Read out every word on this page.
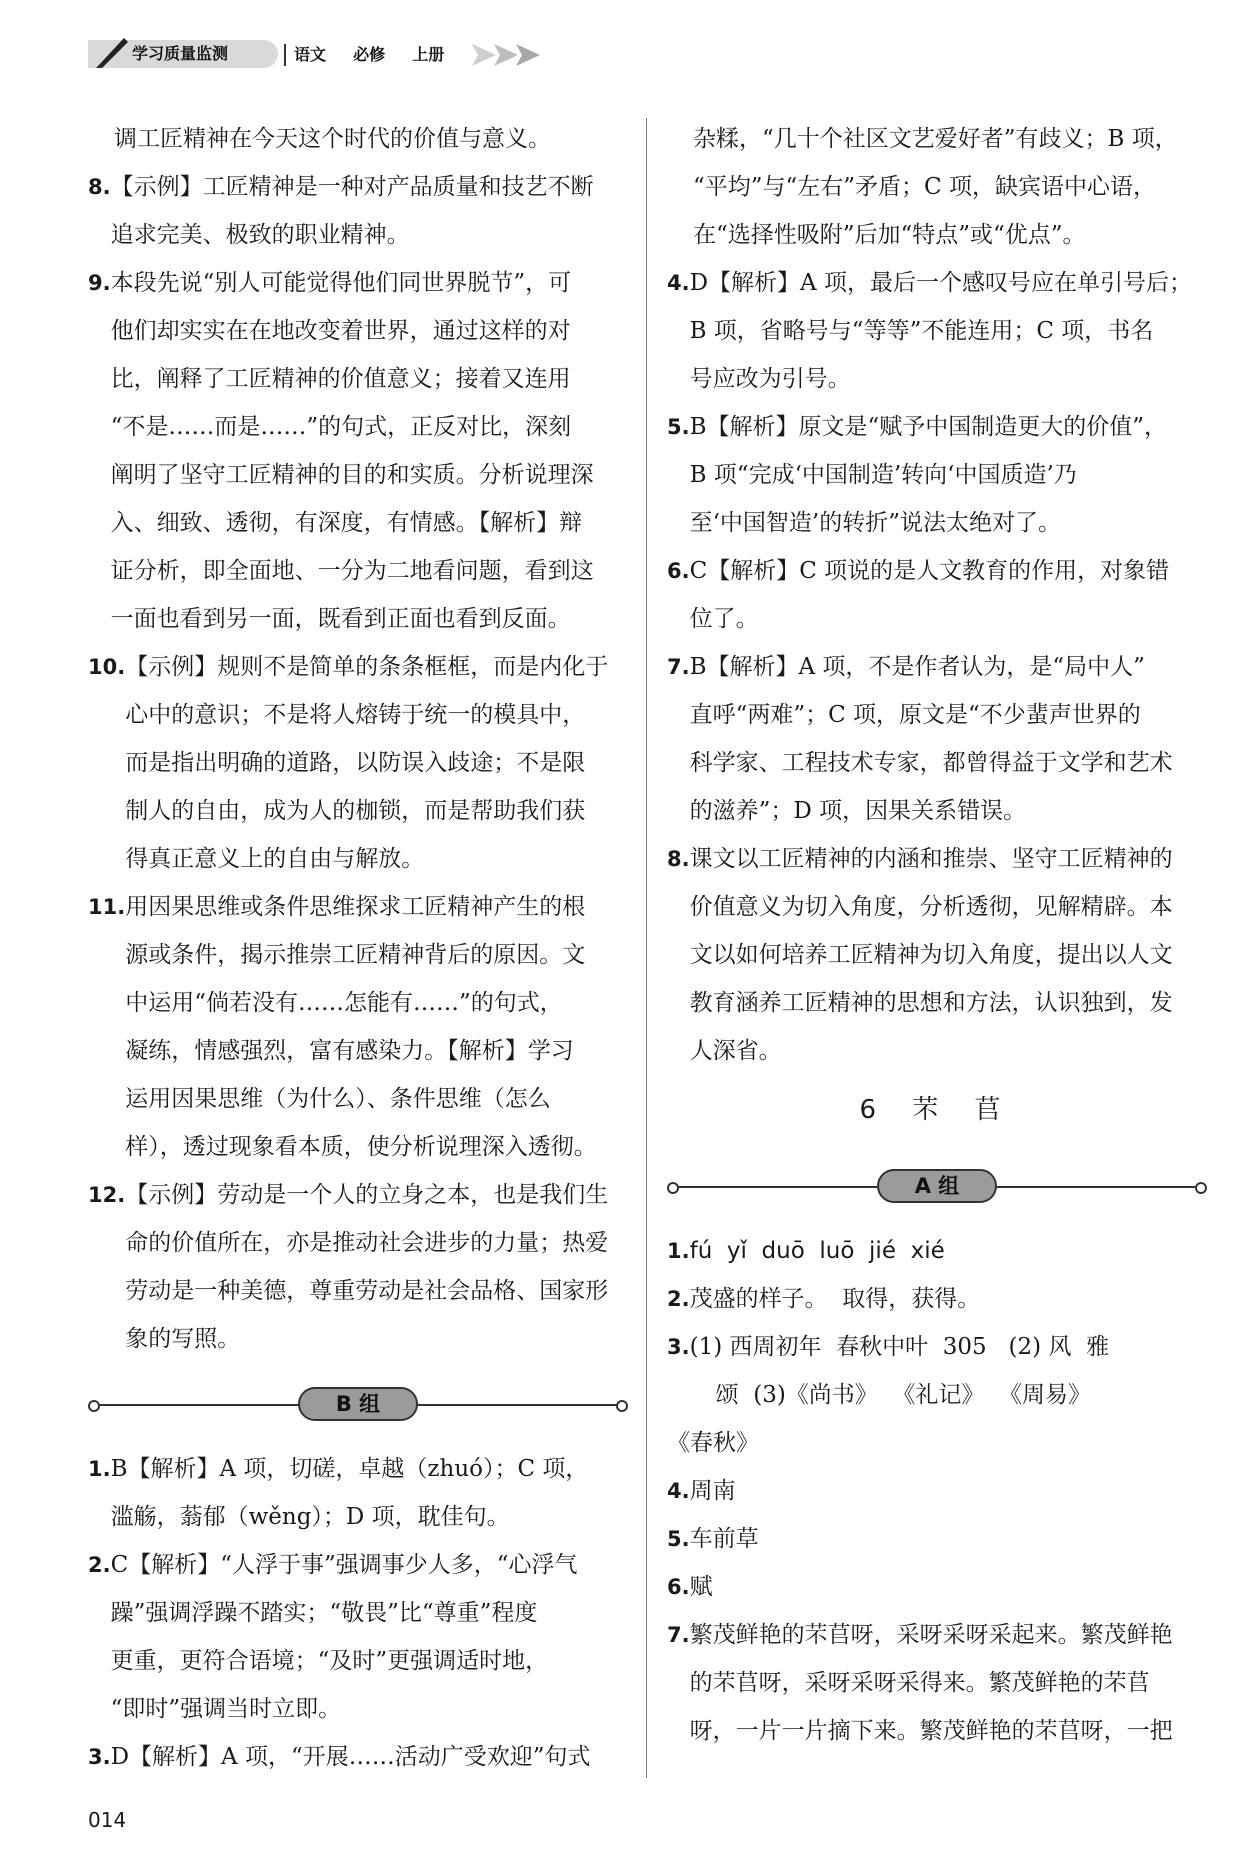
学习质量监测	语文  必修  上册
调工匠精神在今天这个时代的价值与意义。
8. 【示例】工匠精神是一种对产品质量和技艺不断
追求完美、极致的职业精神。
9. 本段先说“别人可能觉得他们同世界脱节”，可
他们却实实在在地改变着世界，通过这样的对
比，阐释了工匠精神的价值意义；接着又连用
“不是……而是……”的句式，正反对比，深刻
阐明了坚守工匠精神的目的和实质。分析说理深
入、细致、透彻，有深度，有情感。【解析】辩
证分析，即全面地、一分为二地看问题，看到这
一面也看到另一面，既看到正面也看到反面。
10. 【示例】规则不是简单的条条框框，而是内化于
心中的意识；不是将人熔铸于统一的模具中，
而是指出明确的道路，以防误入歧途；不是限
制人的自由，成为人的枷锁，而是帮助我们获
得真正意义上的自由与解放。
11. 用因果思维或条件思维探求工匠精神产生的根
源或条件，揭示推崇工匠精神背后的原因。文
中运用“倘若没有……怎能有……”的句式，
凝练，情感强烈，富有感染力。【解析】学习
运用因果思维（为什么）、条件思维（怎么
样），透过现象看本质，使分析说理深入透彻。
12. 【示例】劳动是一个人的立身之本，也是我们生
命的价值所在，亦是推动社会进步的力量；热爱
劳动是一种美德，尊重劳动是社会品格、国家形
象的写照。
B 组
1. B【解析】A 项，切磋，卓越（zhuó）；C 项，
滥觞，蓊郁（wěng）；D 项，耽佳句。
2. C【解析】“人浮于事”强调事少人多，“心浮气
躁”强调浮躁不踏实；“敬畏”比“尊重”程度
更重，更符合语境；“及时”更强调适时地，
“即时”强调当时立即。
3. D【解析】A 项，“开展……活动广受欢迎”句式
杂糅，“几十个社区文艺爱好者”有歧义；B 项，
“平均”与“左右”矛盾；C 项，缺宾语中心语，
在“选择性吸附”后加“特点”或“优点”。
4. D【解析】A 项，最后一个感叹号应在单引号后；
B 项，省略号与“等等”不能连用；C 项，书名
号应改为引号。
5. B【解析】原文是“赋予中国制造更大的价值”，
B 项“完成‘中国制造’转向‘中国质造’乃
至‘中国智造’的转折”说法太绝对了。
6. C【解析】C 项说的是人文教育的作用，对象错
位了。
7. B【解析】A 项，不是作者认为，是“局中人”
直呼“两难”；C 项，原文是“不少蜚声世界的
科学家、工程技术专家，都曾得益于文学和艺术
的滋养”；D 项，因果关系错误。
8. 课文以工匠精神的内涵和推崇、坚守工匠精神的
价值意义为切入角度，分析透彻，见解精辟。本
文以如何培养工匠精神为切入角度，提出以人文
教育涵养工匠精神的思想和方法，认识独到，发
人深省。
6 芣 苢
A 组
1. fú  yǐ  duō  luō  jié  xié
2. 茂盛的样子。  取得，获得。
3. (1) 西周初年  春秋中叶  305   (2) 风  雅
颂  (3)《尚书》  《礼记》  《周易》
《春秋》
4. 周南
5. 车前草
6. 赋
7. 繁茂鲜艳的芣苢呀，采呀采呀采起来。繁茂鲜艳
的芣苢呀，采呀采呀采得来。繁茂鲜艳的芣苢
呀，一片一片摘下来。繁茂鲜艳的芣苢呀，一把
014
